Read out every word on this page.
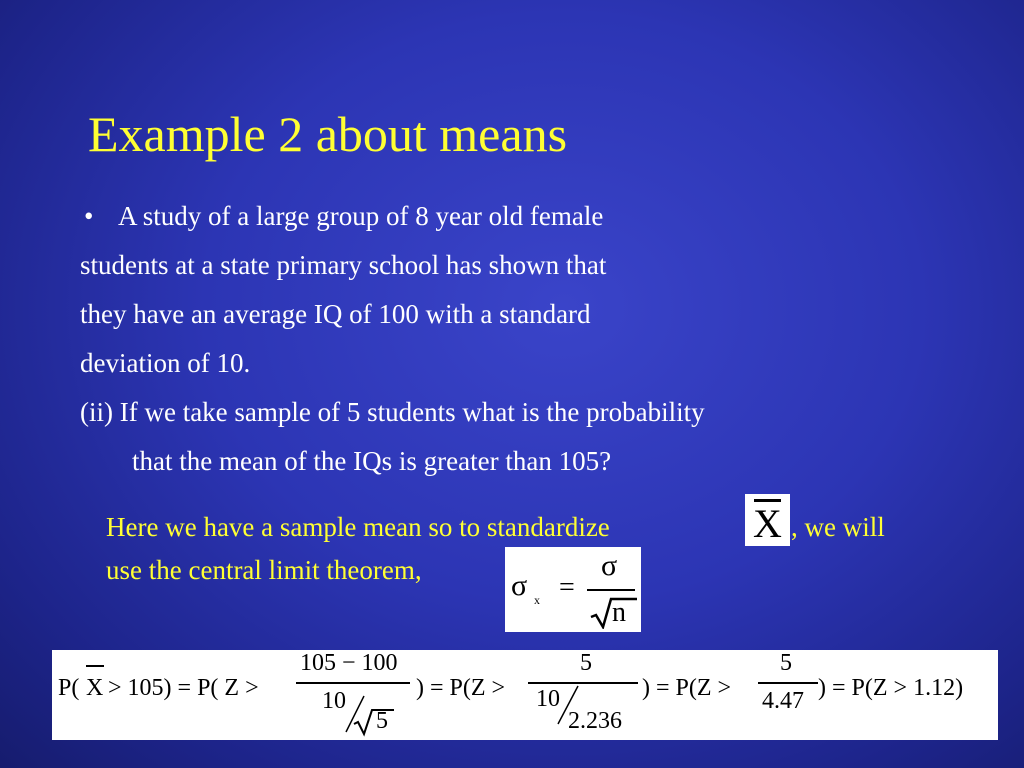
Example 2 about means
• A study of a large group of 8 year old female
students at a state primary school has shown that
they have an average IQ of 100 with a standard
deviation of 10.
(ii) If we take sample of 5 students what is the probability
that the mean of the IQs is greater than 105?
Here we have a sample mean so to standardize	X , we will
use the central limit theorem,	σ x =
σ
n
P( X > 105) = P( Z >
105 − 100
10
5
) = P(Z >
5
10
2.236
) = P(Z >
5
4.47 ) = P(Z > 1.12)
